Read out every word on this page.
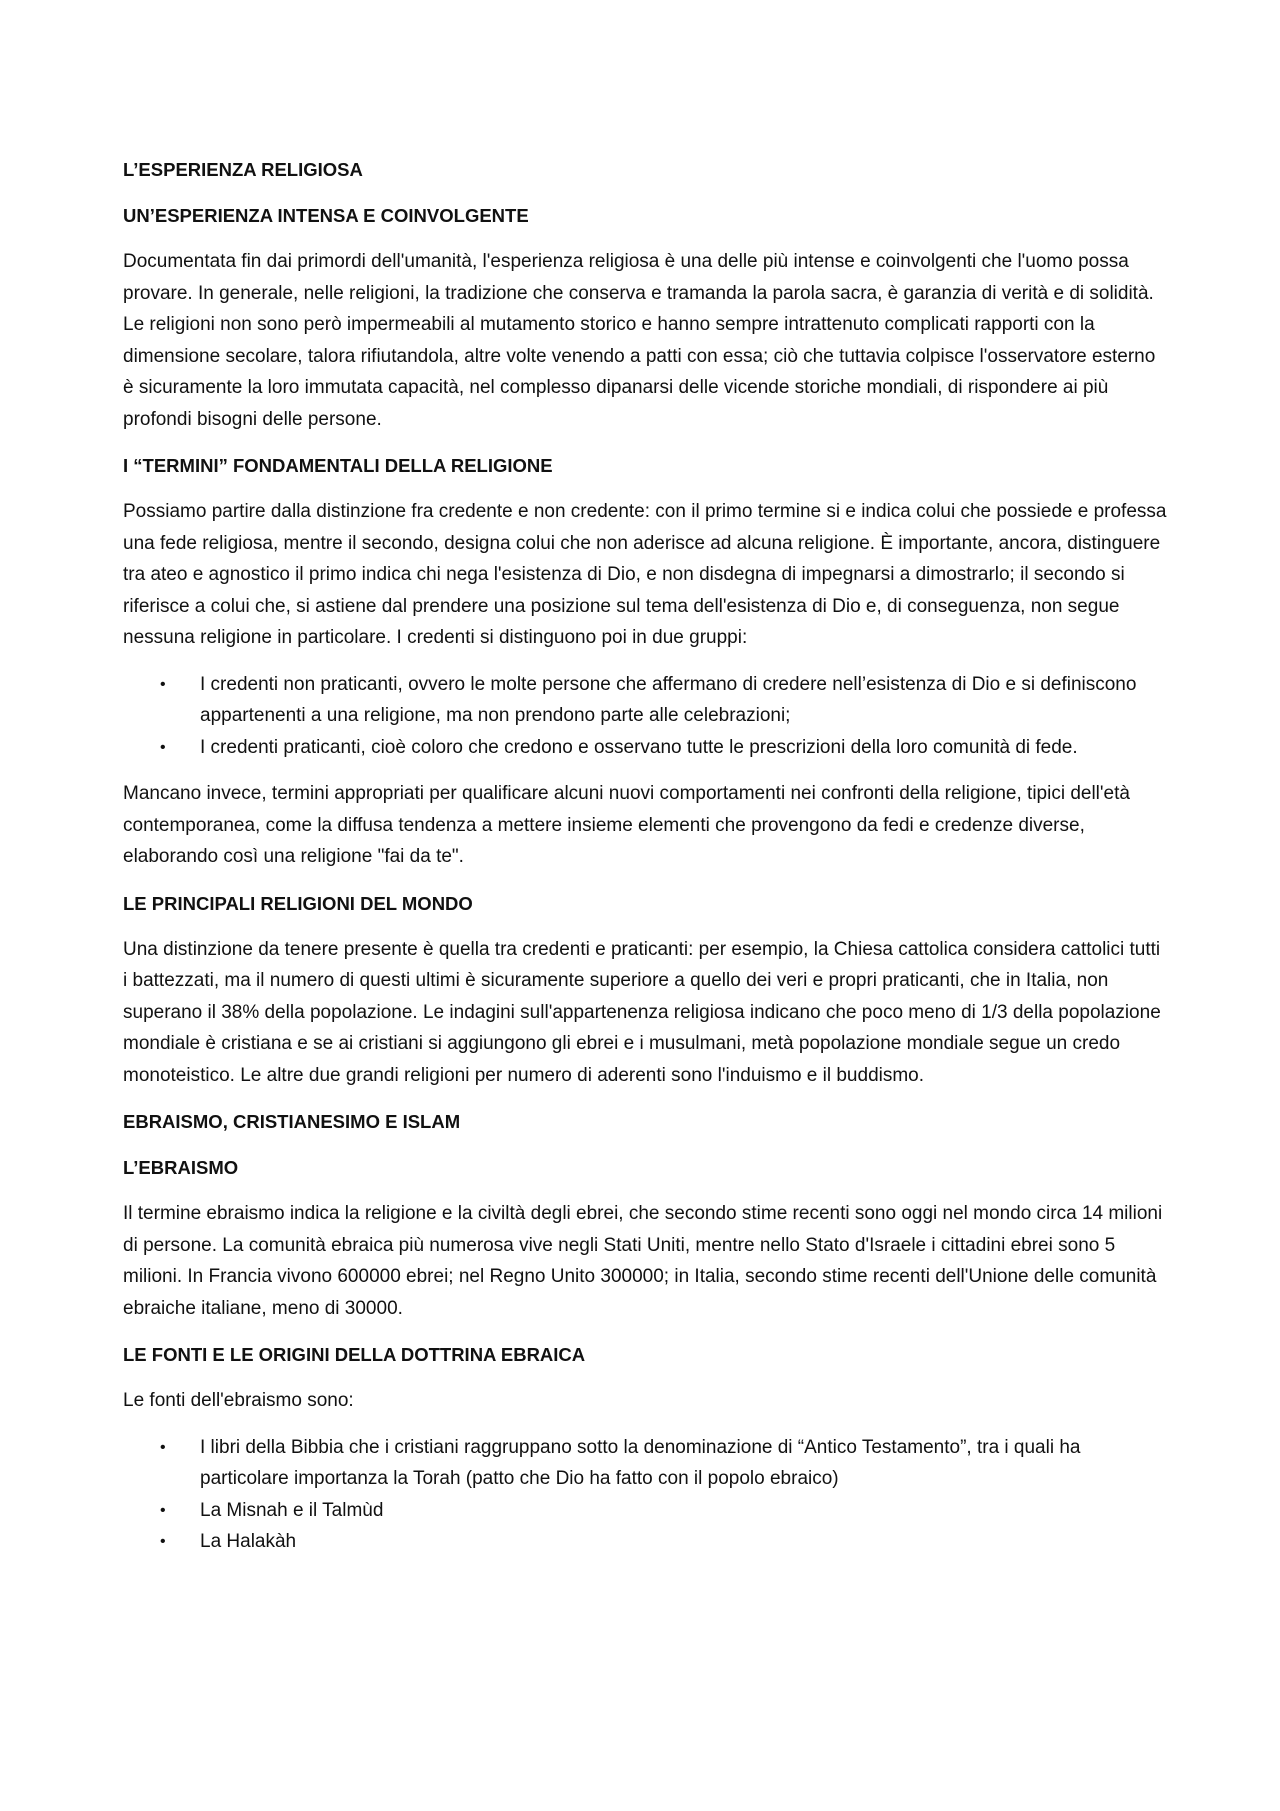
L’ESPERIENZA RELIGIOSA
UN’ESPERIENZA INTENSA E COINVOLGENTE
Documentata fin dai primordi dell'umanità, l'esperienza religiosa è una delle più intense e coinvolgenti che l'uomo possa provare. In generale, nelle religioni, la tradizione che conserva e tramanda la parola sacra, è garanzia di verità e di solidità. Le religioni non sono però impermeabili al mutamento storico e hanno sempre intrattenuto complicati rapporti con la dimensione secolare, talora rifiutandola, altre volte venendo a patti con essa; ciò che tuttavia colpisce l'osservatore esterno è sicuramente la loro immutata capacità, nel complesso dipanarsi delle vicende storiche mondiali, di rispondere ai più profondi bisogni delle persone.
I “TERMINI” FONDAMENTALI DELLA RELIGIONE
Possiamo partire dalla distinzione fra credente e non credente: con il primo termine si e indica colui che possiede e professa una fede religiosa, mentre il secondo, designa colui che non aderisce ad alcuna religione. È importante, ancora, distinguere tra ateo e agnostico il primo indica chi nega l'esistenza di Dio, e non disdegna di impegnarsi a dimostrarlo; il secondo si riferisce a colui che, si astiene dal prendere una posizione sul tema dell'esistenza di Dio e, di conseguenza, non segue nessuna religione in particolare. I credenti si distinguono poi in due gruppi:
• I credenti non praticanti, ovvero le molte persone che affermano di credere nell’esistenza di Dio e si definiscono appartenenti a una religione, ma non prendono parte alle celebrazioni;
• I credenti praticanti, cioè coloro che credono e osservano tutte le prescrizioni della loro comunità di fede.
Mancano invece, termini appropriati per qualificare alcuni nuovi comportamenti nei confronti della religione, tipici dell'età contemporanea, come la diffusa tendenza a mettere insieme elementi che provengono da fedi e credenze diverse, elaborando così una religione "fai da te".
LE PRINCIPALI RELIGIONI DEL MONDO
Una distinzione da tenere presente è quella tra credenti e praticanti: per esempio, la Chiesa cattolica considera cattolici tutti i battezzati, ma il numero di questi ultimi è sicuramente superiore a quello dei veri e propri praticanti, che in Italia, non superano il 38% della popolazione. Le indagini sull'appartenenza religiosa indicano che poco meno di 1/3 della popolazione mondiale è cristiana e se ai cristiani si aggiungono gli ebrei e i musulmani, metà popolazione mondiale segue un credo monoteistico. Le altre due grandi religioni per numero di aderenti sono l'induismo e il buddismo.
EBRAISMO, CRISTIANESIMO E ISLAM
L’EBRAISMO
Il termine ebraismo indica la religione e la civiltà degli ebrei, che secondo stime recenti sono oggi nel mondo circa 14 milioni di persone. La comunità ebraica più numerosa vive negli Stati Uniti, mentre nello Stato d'Israele i cittadini ebrei sono 5 milioni. In Francia vivono 600000 ebrei; nel Regno Unito 300000; in Italia, secondo stime recenti dell'Unione delle comunità ebraiche italiane, meno di 30000.
LE FONTI E LE ORIGINI DELLA DOTTRINA EBRAICA
Le fonti dell'ebraismo sono:
• I libri della Bibbia che i cristiani raggruppano sotto la denominazione di “Antico Testamento”, tra i quali ha particolare importanza la Torah (patto che Dio ha fatto con il popolo ebraico)
• La Misnah e il Talmùd
• La Halakàh
